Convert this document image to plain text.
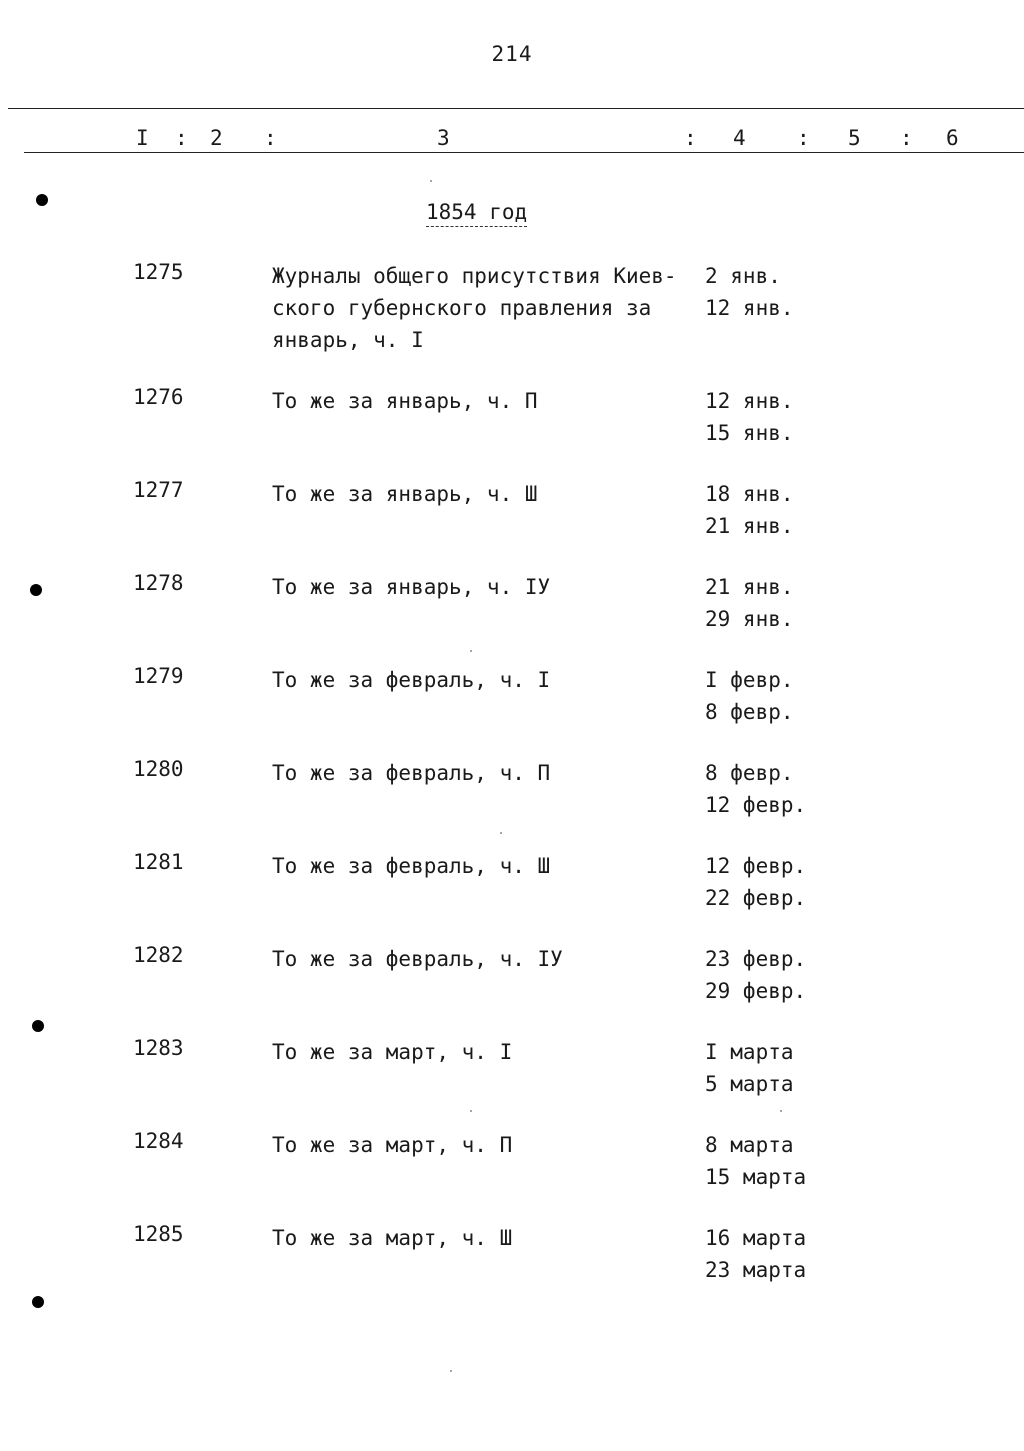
214
I : 2 :	3	: 4 : 5 : 6
1854 год
1275	Журналы общего присутствия Киев-
ского губернского правления за
январь, ч. I
2 янв.
12 янв.
1276	То же за январь, ч. П	12 янв.
15 янв.
1277	То же за январь, ч. Ш	18 янв.
21 янв.
1278	То же за январь, ч. IУ	21 янв.
29 янв.
1279	То же за февраль, ч. I	I февр.
8 февр.
1280	То же за февраль, ч. П	8 февр.
12 февр.
1281	То же за февраль, ч. Ш	12 февр.
22 февр.
1282	То же за февраль, ч. IУ	23 февр.
29 февр.
1283	То же за март, ч. I	I марта
5 марта
1284	То же за март, ч. П	8 марта
15 марта
1285	То же за март, ч. Ш	16 марта
23 марта
